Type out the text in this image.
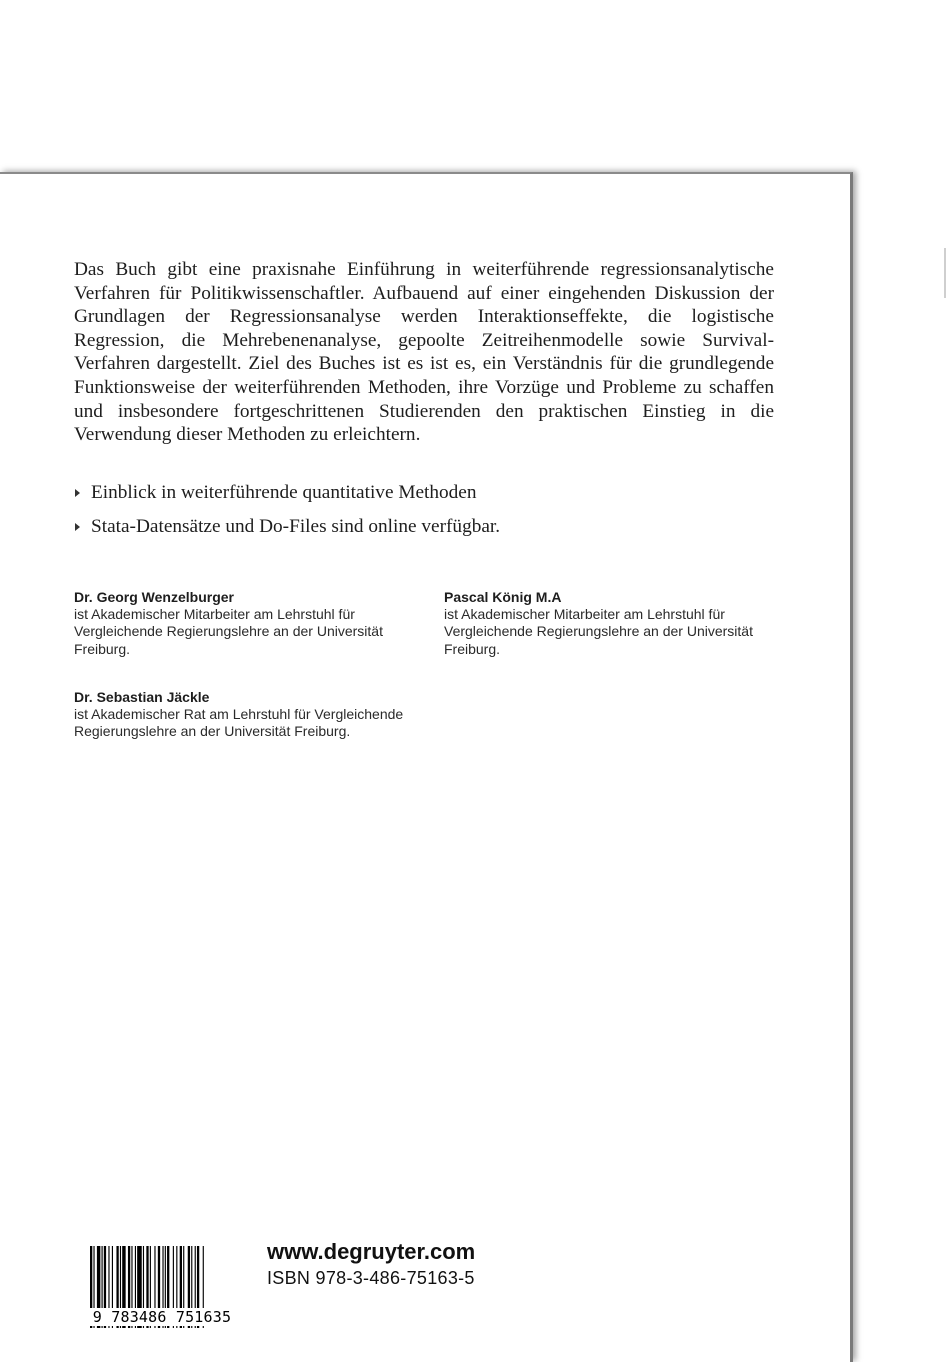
Das Buch gibt eine praxisnahe Einführung in weiterführende regressionsanalytische Verfahren für Politikwissenschaftler. Aufbauend auf einer eingehenden Diskussion der Grundlagen der Regressionsanalyse werden Interaktionseffekte, die logistische Regression, die Mehrebenenanalyse, gepoolte Zeitreihenmodelle sowie Survival-Verfahren dargestellt. Ziel des Buches ist es ist es, ein Verständnis für die grundlegende Funktionsweise der weiterführenden Methoden, ihre Vorzüge und Probleme zu schaffen und insbesondere fortgeschrittenen Studierenden den praktischen Einstieg in die Verwendung dieser Methoden zu erleichtern.

Einblick in weiterführende quantitative Methoden
Stata-Datensätze und Do-Files sind online verfügbar.
Dr. Georg Wenzelburger
ist Akademischer Mitarbeiter am Lehrstuhl für Vergleichende Regierungslehre an der Universität Freiburg.
Pascal König M.A
ist Akademischer Mitarbeiter am Lehrstuhl für Vergleichende Regierungslehre an der Universität Freiburg.
Dr. Sebastian Jäckle
ist Akademischer Rat am Lehrstuhl für Vergleichende Regierungslehre an der Universität Freiburg.
9 783486 751635
www.degruyter.com
ISBN 978-3-486-75163-5
